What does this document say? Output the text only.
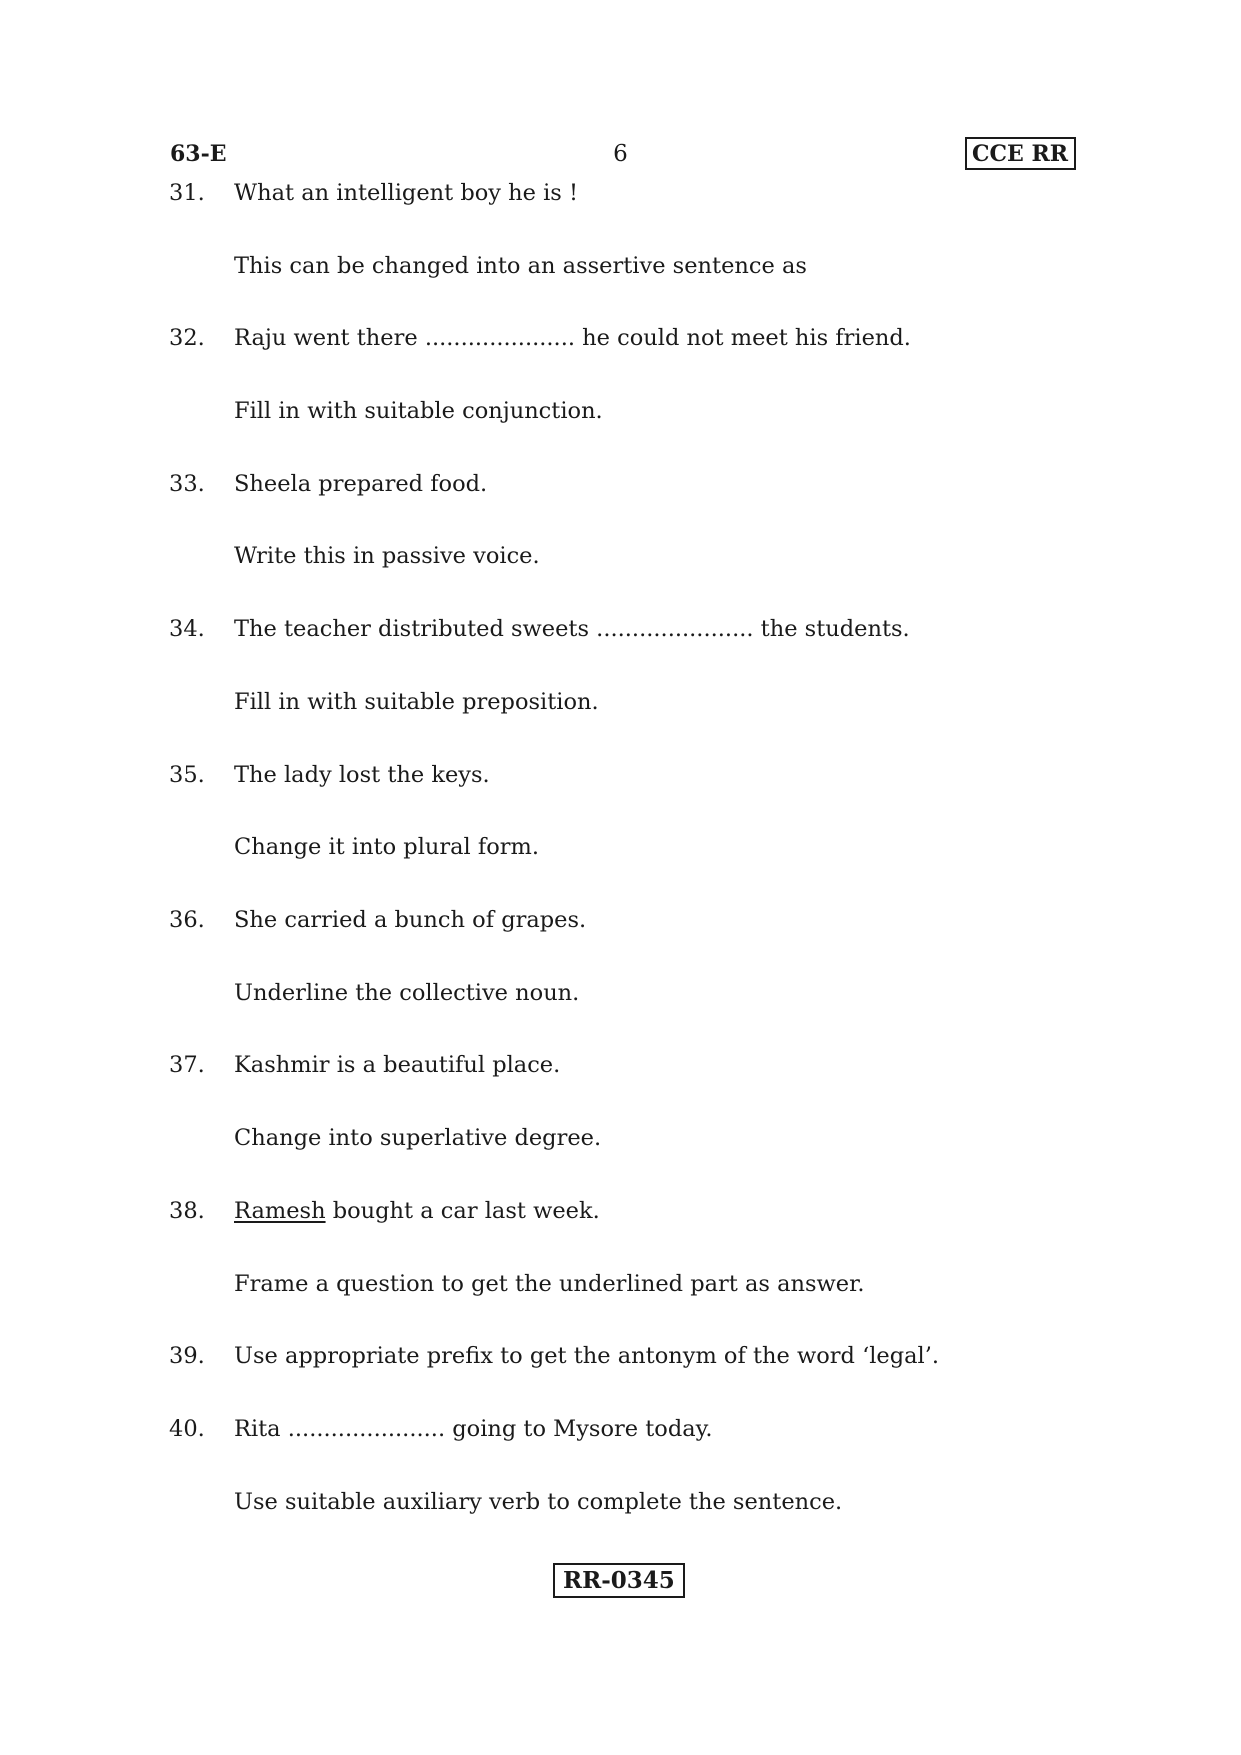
63-E	6	CCE RR
31. What an intelligent boy he is !
This can be changed into an assertive sentence as
32. Raju went there ..................... he could not meet his friend.
Fill in with suitable conjunction.
33. Sheela prepared food.
Write this in passive voice.
34. The teacher distributed sweets ...................... the students.
Fill in with suitable preposition.
35. The lady lost the keys.
Change it into plural form.
36. She carried a bunch of grapes.
Underline the collective noun.
37. Kashmir is a beautiful place.
Change into superlative degree.
38. Ramesh bought a car last week.
Frame a question to get the underlined part as answer.
39. Use appropriate prefix to get the antonym of the word ‘legal’.
40. Rita ...................... going to Mysore today.
Use suitable auxiliary verb to complete the sentence.
RR-0345
